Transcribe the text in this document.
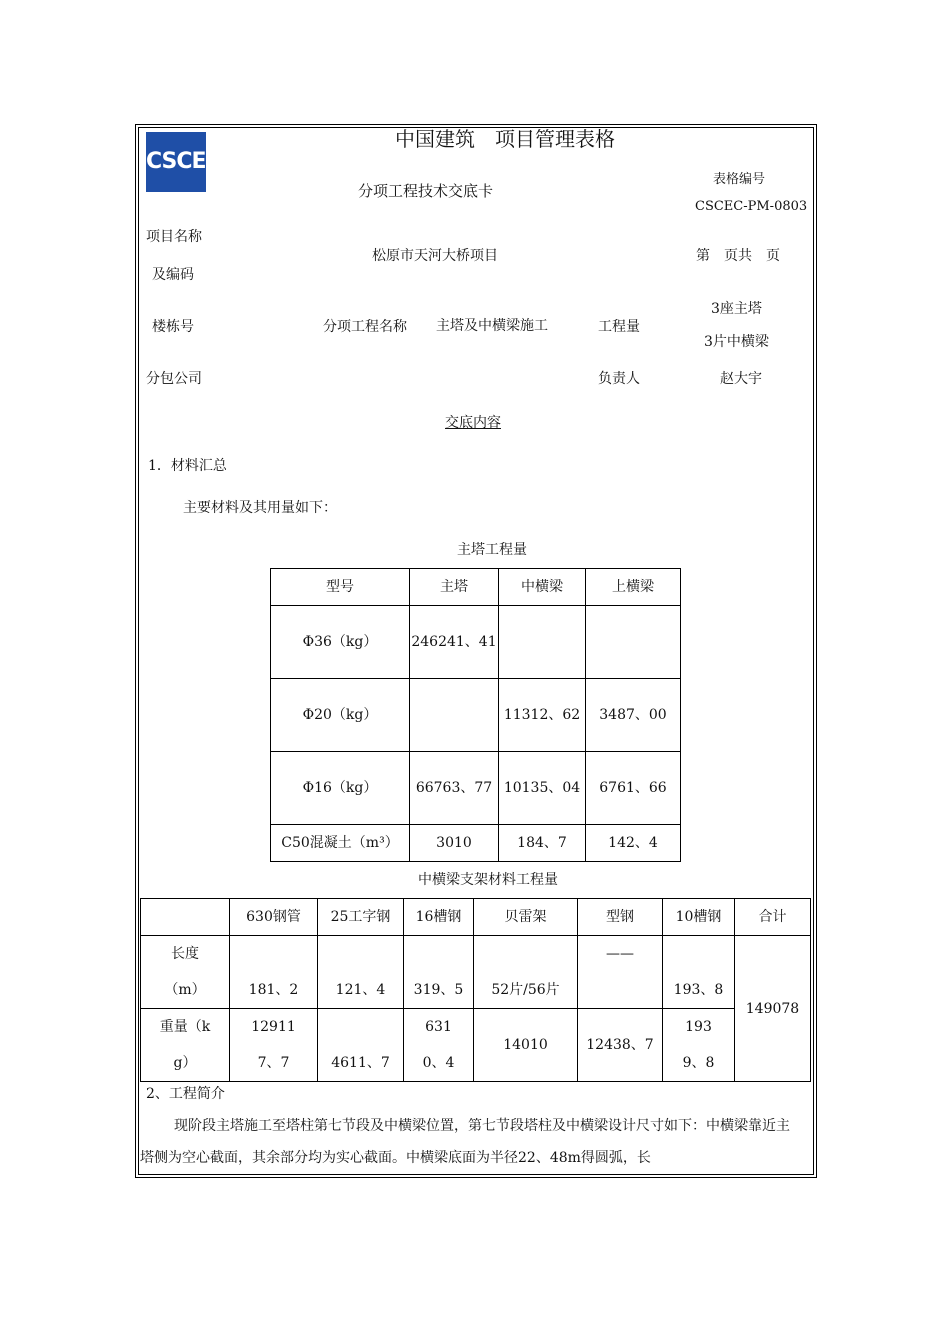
CSCEC
中国建筑　项目管理表格
分项工程技术交底卡
表格编号
CSCEC-PM-0803
项目名称
及编码
松原市天河大桥项目	第　页共　页
楼栋号	分项工程名称 主塔及中横梁施工	工程量
3座主塔
3片中横梁
分包公司	负责人	赵大宇
交底内容
1．材料汇总
主要材料及其用量如下：
主塔工程量
型号	主塔	中横梁	上横梁
Φ36（kg）	246241、41		
Φ20（kg）		11312、62	3487、00
Φ16（kg）	66763、77	10135、04	6761、66
C50混凝土（m³）	3010	184、7	142、4
中横梁支架材料工程量
	630钢管	25工字钢	16槽钢	贝雷架	型钢	10槽钢	合计
长度（m）	181、2	121、4	319、5	52片/56片	——	193、8	149078
重量（kg）	129117、7	4611、7	6310、4	14010	12438、7	1939、8	
2、工程简介
现阶段主塔施工至塔柱第七节段及中横梁位置，第七节段塔柱及中横梁设计尺寸如下：中横梁靠近主塔侧为空心截面，其余部分均为实心截面。中横梁底面为半径22、48m得圆弧，长
